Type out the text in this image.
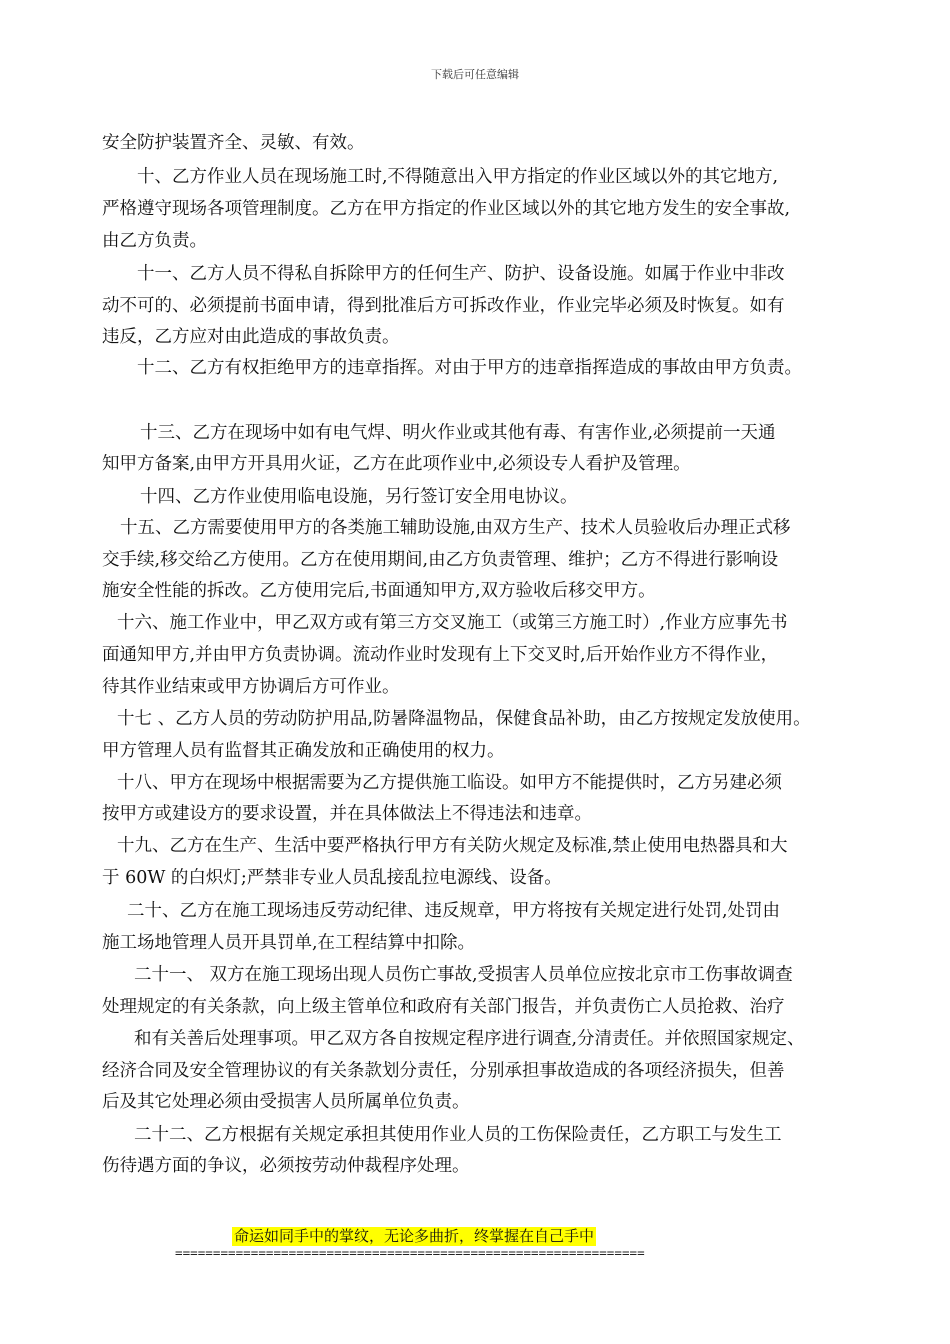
下载后可任意编辑
安全防护装置齐全、灵敏、有效。
十、乙方作业人员在现场施工时,不得随意出入甲方指定的作业区域以外的其它地方,
严格遵守现场各项管理制度。乙方在甲方指定的作业区域以外的其它地方发生的安全事故,
由乙方负责。
十一、乙方人员不得私自拆除甲方的任何生产、防护、设备设施。如属于作业中非改
动不可的、必须提前书面申请，得到批准后方可拆改作业，作业完毕必须及时恢复。如有
违反，乙方应对由此造成的事故负责。
十二、乙方有权拒绝甲方的违章指挥。对由于甲方的违章指挥造成的事故由甲方负责。
十三、乙方在现场中如有电气焊、明火作业或其他有毒、有害作业,必须提前一天通
知甲方备案,由甲方开具用火证，乙方在此项作业中,必须设专人看护及管理。
十四、乙方作业使用临电设施，另行签订安全用电协议。
十五、乙方需要使用甲方的各类施工辅助设施,由双方生产、技术人员验收后办理正式移
交手续,移交给乙方使用。乙方在使用期间,由乙方负责管理、维护；乙方不得进行影响设
施安全性能的拆改。乙方使用完后,书面通知甲方,双方验收后移交甲方。
十六、施工作业中，甲乙双方或有第三方交叉施工（或第三方施工时）,作业方应事先书
面通知甲方,并由甲方负责协调。流动作业时发现有上下交叉时,后开始作业方不得作业，
待其作业结束或甲方协调后方可作业。
十七 、乙方人员的劳动防护用品,防暑降温物品，保健食品补助，由乙方按规定发放使用。
甲方管理人员有监督其正确发放和正确使用的权力。
十八、甲方在现场中根据需要为乙方提供施工临设。如甲方不能提供时，乙方另建必须
按甲方或建设方的要求设置，并在具体做法上不得违法和违章。
十九、乙方在生产、生活中要严格执行甲方有关防火规定及标准,禁止使用电热器具和大
于 60W 的白炽灯;严禁非专业人员乱接乱拉电源线、设备。
二十、乙方在施工现场违反劳动纪律、违反规章，甲方将按有关规定进行处罚,处罚由
施工场地管理人员开具罚单,在工程结算中扣除。
二十一、 双方在施工现场出现人员伤亡事故,受损害人员单位应按北京市工伤事故调查
处理规定的有关条款，向上级主管单位和政府有关部门报告，并负责伤亡人员抢救、治疗
和有关善后处理事项。甲乙双方各自按规定程序进行调查,分清责任。并依照国家规定、
经济合同及安全管理协议的有关条款划分责任，分别承担事故造成的各项经济损失，但善
后及其它处理必须由受损害人员所属单位负责。
二十二、乙方根据有关规定承担其使用作业人员的工伤保险责任，乙方职工与发生工
伤待遇方面的争议，必须按劳动仲裁程序处理。
命运如同手中的掌纹，无论多曲折，终掌握在自己手中
==============================================================
